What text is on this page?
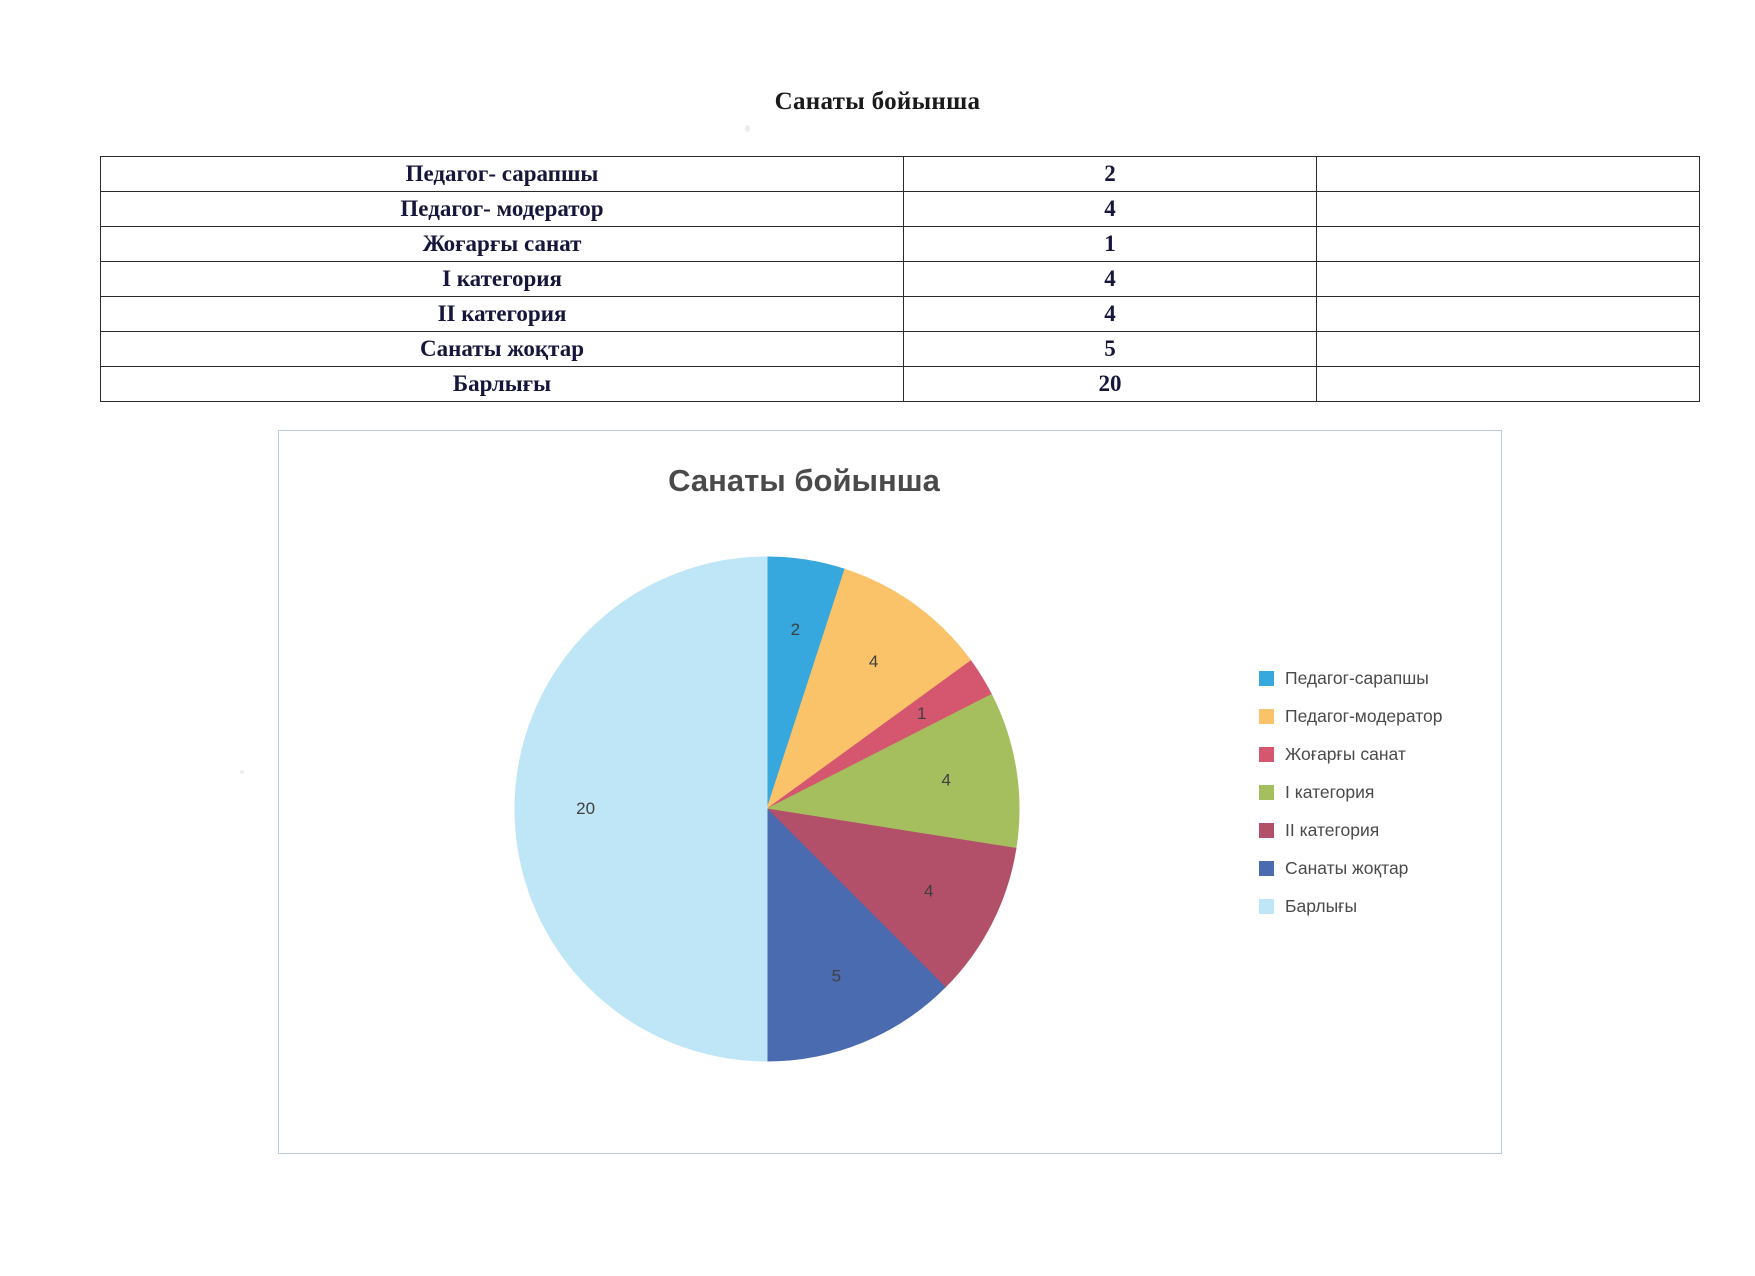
Санаты бойынша
Педагог- сарапшы	2	
Педагог- модератор	4	
Жоғарғы санат	1	
I категория	4	
II категория	4	
Санаты жоқтар	5	
Барлығы	20	
Санаты бойынша
2
4
1
4
4
5
20
Педагог-сарапшы
Педагог-модератор
Жоғарғы санат
I категория
II категория
Санаты жоқтар
Барлығы
